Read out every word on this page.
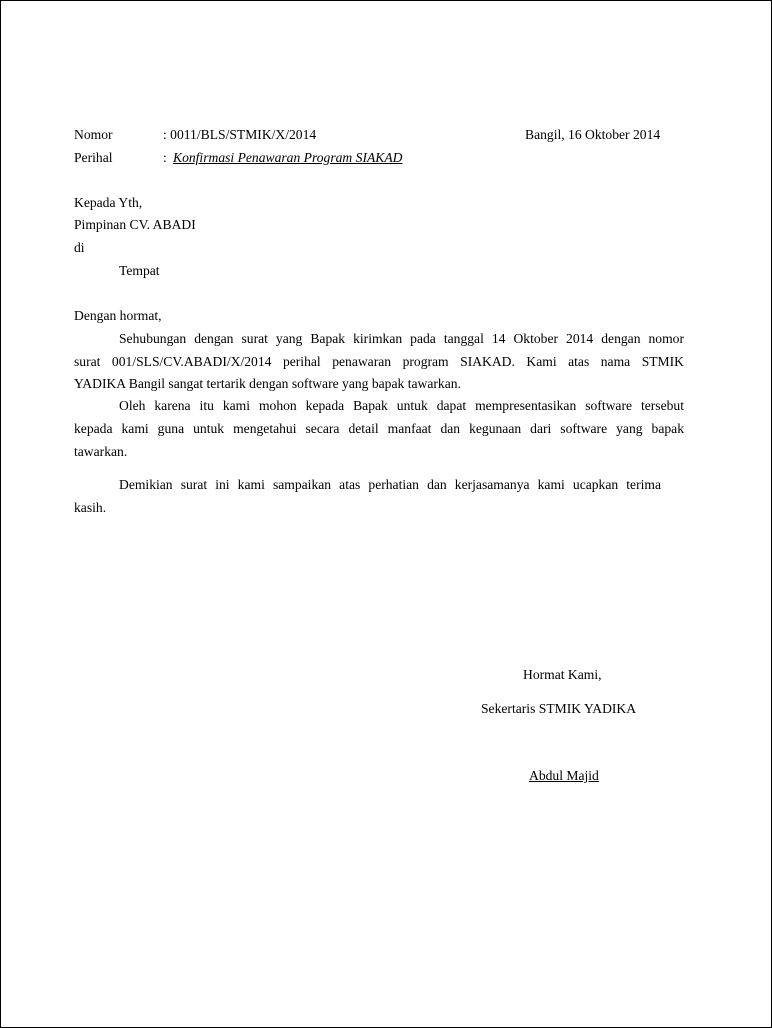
Nomor	: 0011/BLS/STMIK/X/2014	Bangil, 16 Oktober 2014
Perihal	: Konfirmasi Penawaran Program SIAKAD
Kepada Yth,
Pimpinan CV. ABADI
di
Tempat
Dengan hormat,
Sehubungan dengan surat yang Bapak kirimkan pada tanggal 14 Oktober 2014 dengan nomor
surat 001/SLS/CV.ABADI/X/2014 perihal penawaran program SIAKAD. Kami atas nama STMIK
YADIKA Bangil sangat tertarik dengan software yang bapak tawarkan.
Oleh karena itu kami mohon kepada Bapak untuk dapat mempresentasikan software tersebut
kepada kami guna untuk mengetahui secara detail manfaat dan kegunaan dari software yang bapak
tawarkan.
Demikian surat ini kami sampaikan atas perhatian dan kerjasamanya kami ucapkan terima
kasih.
Hormat Kami,
Sekertaris STMIK YADIKA
Abdul Majid
